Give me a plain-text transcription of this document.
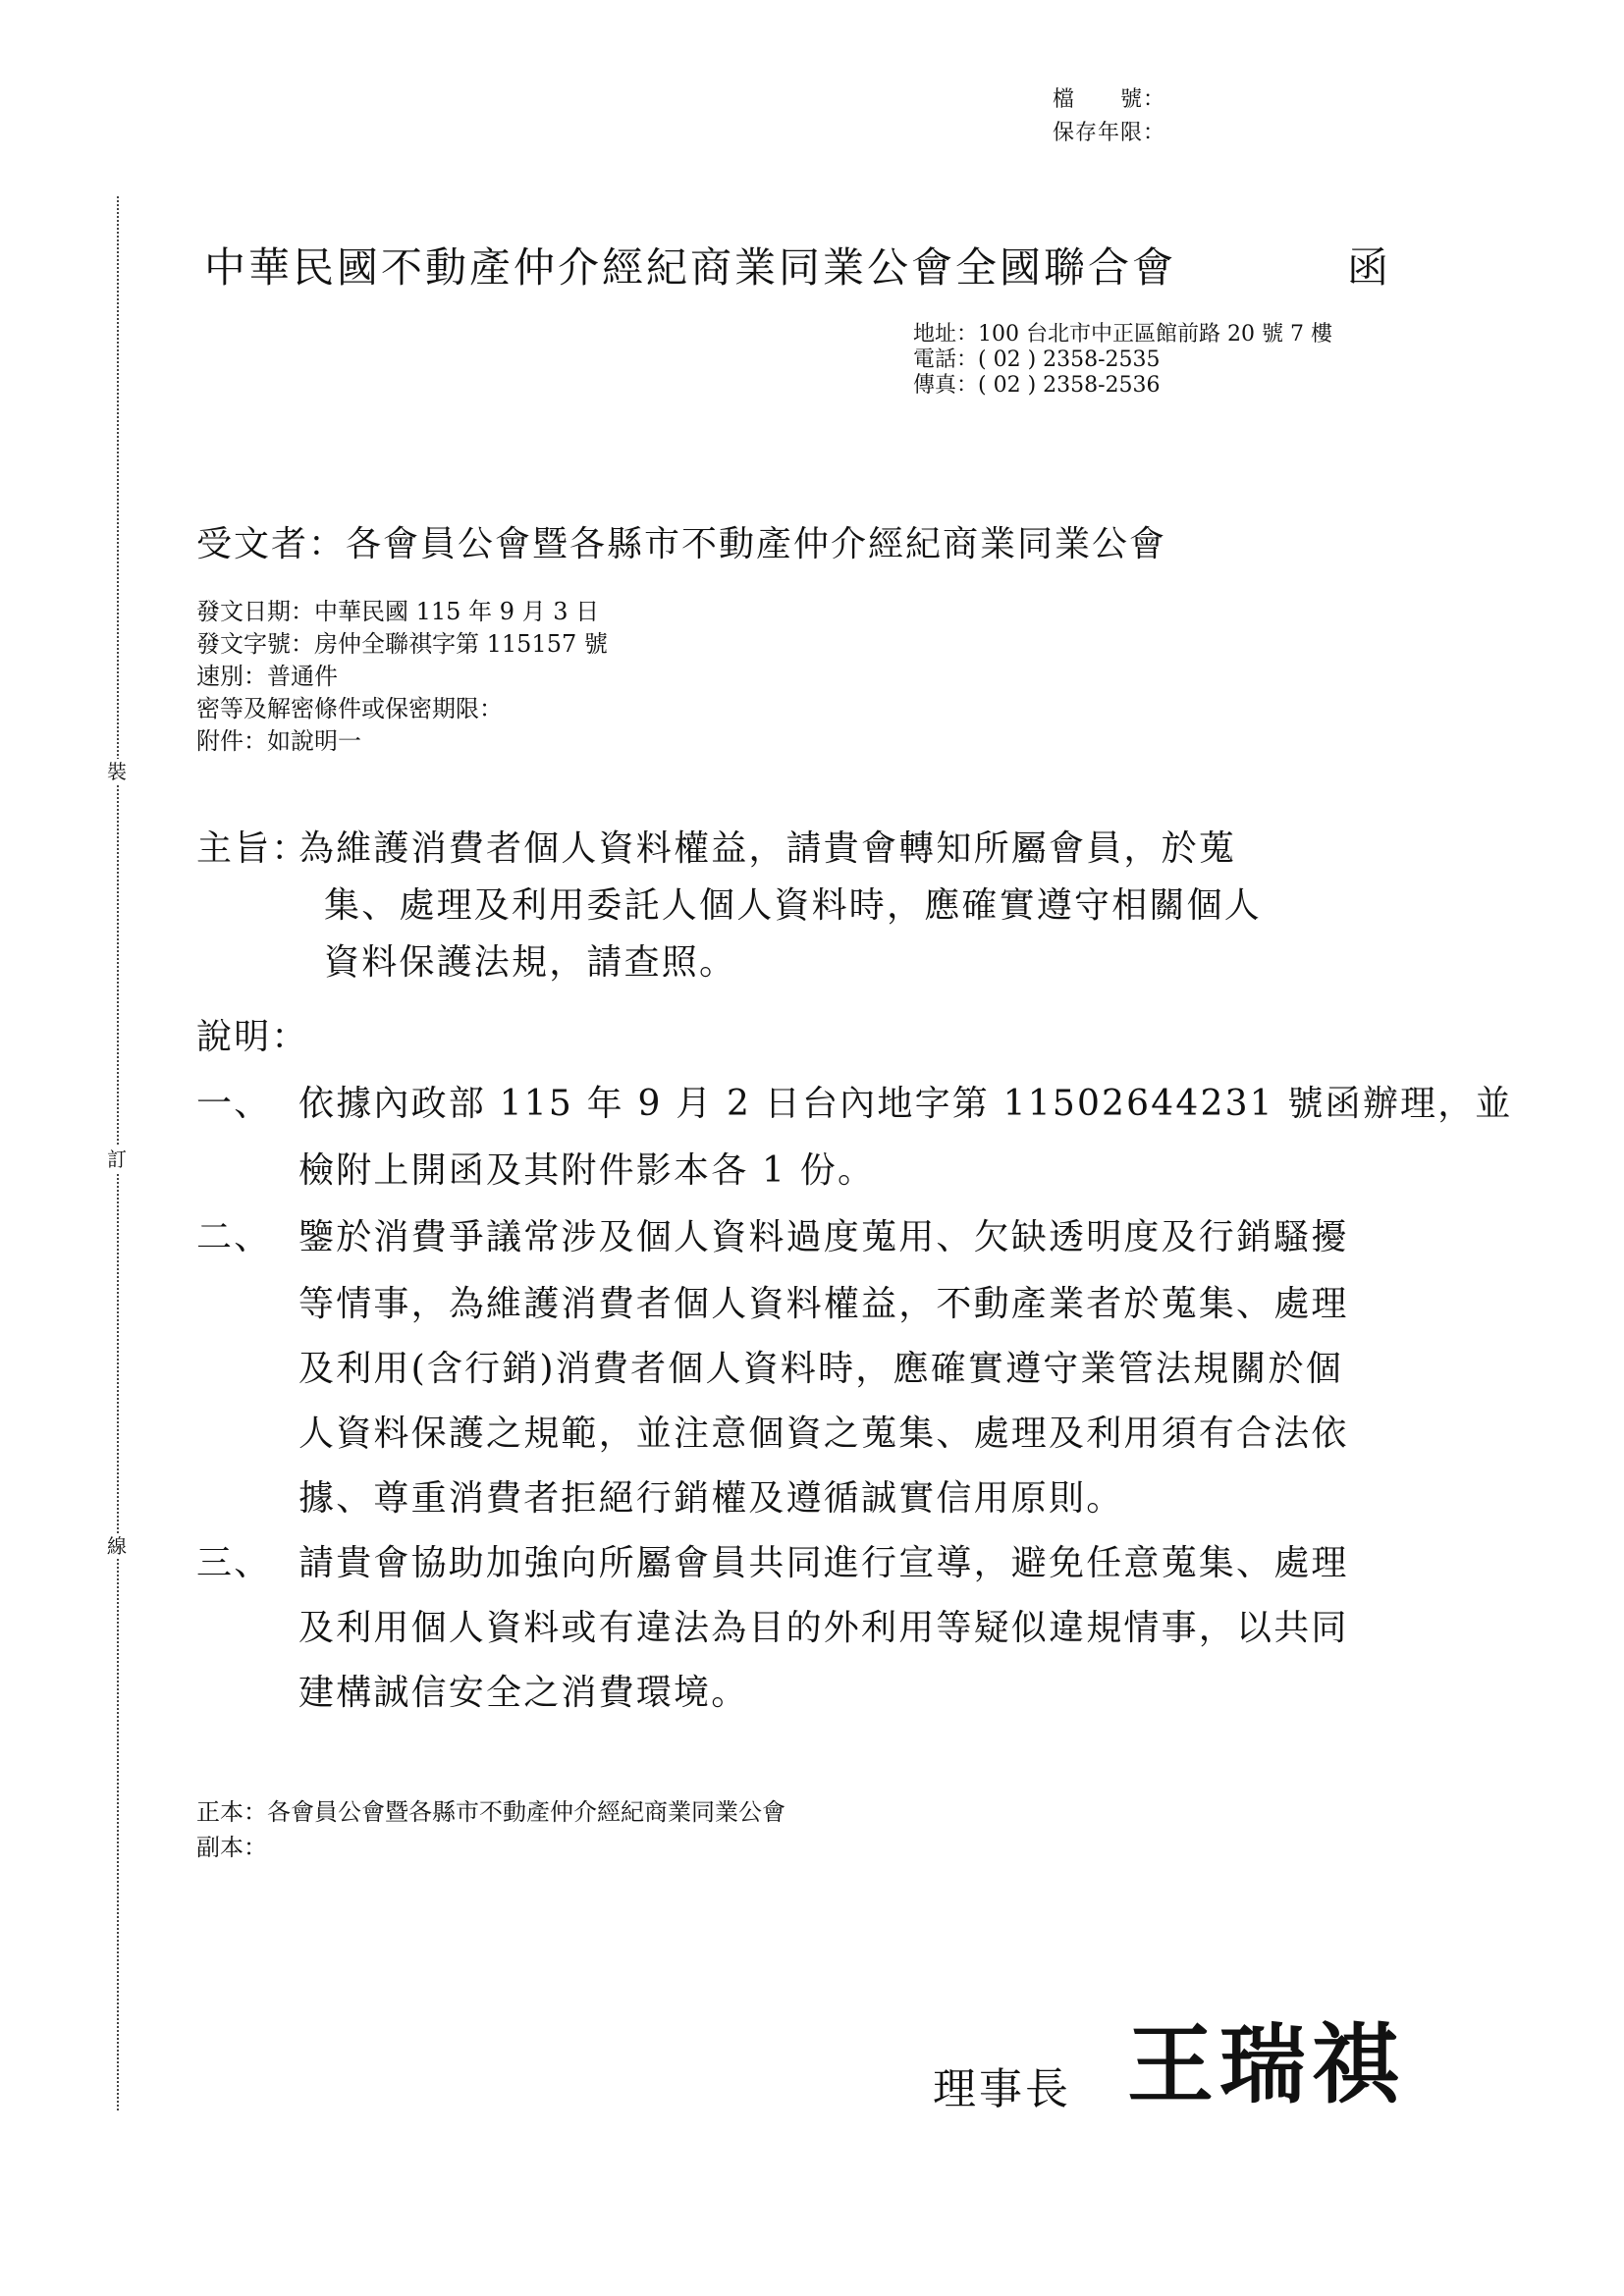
裝
訂
線
檔　　號：
保存年限：
中華民國不動產仲介經紀商業同業公會全國聯合會	函
地址：100 台北市中正區館前路 20 號 7 樓
電話：( 02 ) 2358-2535
傳真：( 02 ) 2358-2536
受文者：各會員公會暨各縣市不動產仲介經紀商業同業公會
發文日期：中華民國 115 年 9 月 3 日
發文字號：房仲全聯祺字第 115157 號
速別：普通件
密等及解密條件或保密期限：
附件：如說明一
主旨：
為維護消費者個人資料權益，請貴會轉知所屬會員，於蒐
集、處理及利用委託人個人資料時，應確實遵守相關個人
資料保護法規，請查照。
說明：
一、 依據內政部 115 年 9 月 2 日台內地字第 11502644231 號函辦理，並
檢附上開函及其附件影本各 1 份。
二、 鑒於消費爭議常涉及個人資料過度蒐用、欠缺透明度及行銷騷擾
等情事，為維護消費者個人資料權益，不動產業者於蒐集、處理
及利用(含行銷)消費者個人資料時，應確實遵守業管法規關於個
人資料保護之規範，並注意個資之蒐集、處理及利用須有合法依
據、尊重消費者拒絕行銷權及遵循誠實信用原則。
三、 請貴會協助加強向所屬會員共同進行宣導，避免任意蒐集、處理
及利用個人資料或有違法為目的外利用等疑似違規情事，以共同
建構誠信安全之消費環境。
正本：各會員公會暨各縣市不動產仲介經紀商業同業公會
副本：
理事長 王瑞祺
